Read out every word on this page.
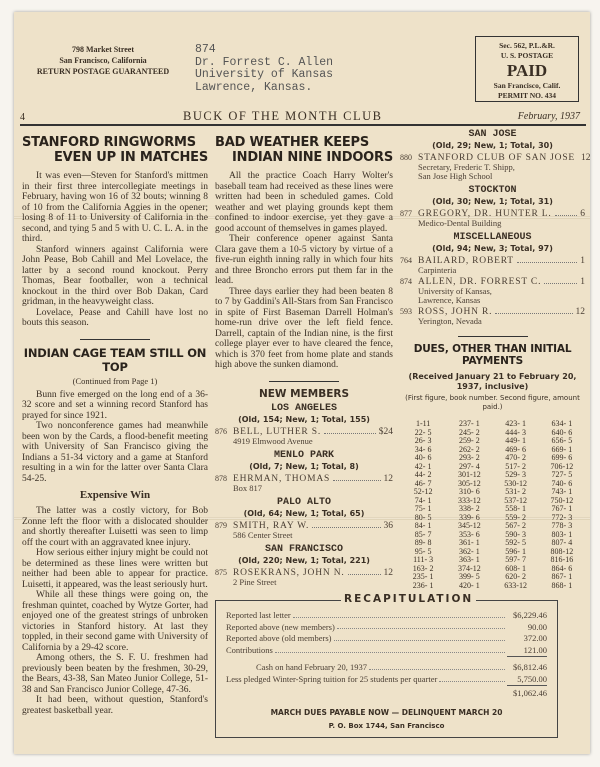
798 Market Street
San Francisco, California
RETURN POSTAGE GUARANTEED
874
Dr. Forrest C. Allen
University of Kansas
Lawrence, Kansas.
Sec. 562, P.L.&R.
U. S. POSTAGE
PAID
San Francisco, Calif.
PERMIT NO. 434
4	BUCK OF THE MONTH CLUB	February, 1937
STANFORD RINGWORMS
EVEN UP IN MATCHES

It was even—Steven for Stanford's mittmen in their first three intercollegiate meetings in February, having won 16 of 32 bouts; winning 8 of 10 from the California Aggies in the opener; losing 8 of 11 to University of California in the second, and tying 5 and 5 with U. C. L. A. in the third.

Stanford winners against California were John Pease, Bob Cahill and Mel Lovelace, the latter by a second round knockout. Perry Thomas, Bear footballer, won a technical knockout in the third over Bob Dakan, Card gridman, in the heavyweight class.

Lovelace, Pease and Cahill have lost no bouts this season.

INDIAN CAGE TEAM STILL ON TOP
(Continued from Page 1)

Bunn five emerged on the long end of a 36-32 score and set a winning record Stanford has prayed for since 1921.

Two nonconference games had meanwhile been won by the Cards, a flood-benefit meeting with University of San Francisco giving the Indians a 51-34 victory and a game at Stanford resulting in a win for the latter over Santa Clara 54-25.

Expensive Win

The latter was a costly victory, for Bob Zonne left the floor with a dislocated shoulder and shortly thereafter Luisetti was seen to limp off the court with an aggravated knee injury.

How serious either injury might be could not be determined as these lines were written but neither had been able to appear for practice. Luisetti, it appeared, was the least seriously hurt.

While all these things were going on, the freshman quintet, coached by Wytze Gorter, had enjoyed one of the greatest strings of unbroken victories in Stanford history. At last they toppled, in their second game with University of California by a 29-42 score.

Among others, the S. F. U. freshmen had previously been beaten by the freshmen, 30-29, the Bears, 43-38, San Mateo Junior College, 51-38 and San Francisco Junior College, 47-36.

It had been, without question, Stanford's greatest basketball year.

BAD WEATHER KEEPS
INDIAN NINE INDOORS

All the practice Coach Harry Wolter's baseball team had received as these lines were written had been in scheduled games. Cold weather and wet playing grounds kept them confined to indoor exercise, yet they gave a good account of themselves in games played.

Their conference opener against Santa Clara gave them a 10-5 victory by virtue of a five-run eighth inning rally in which four hits and three Broncho errors put them far in the lead.

Three days earlier they had been beaten 8 to 7 by Gaddini's All-Stars from San Francisco in spite of First Baseman Darrell Holman's home-run drive over the left field fence. Darrell, captain of the Indian nine, is the first college player ever to have cleared the fence, which is 370 feet from home plate and stands high above the sunken diamond.

NEW MEMBERS
LOS ANGELES
(Old, 154; New, 1; Total, 155)
876 BELL, LUTHER S.	$24
4919 Elmwood Avenue
MENLO PARK
(Old, 7; New, 1; Total, 8)
878 EHRMAN, THOMAS	12
Box 817
PALO ALTO
(Old, 64; New, 1; Total, 65)
879 SMITH, RAY W.	36
586 Center Street
SAN FRANCISCO
(Old, 220; New, 1; Total, 221)
875 ROSEKRANS, JOHN N.	12
2 Pine Street
SAN JOSE
(Old, 29; New, 1; Total, 30)
880 STANFORD CLUB OF SAN JOSE 12
Secretary, Frederic T. Shipp,
San Jose High School
STOCKTON
(Old, 30; New, 1; Total, 31)
877 GREGORY, DR. HUNTER L.	6
Medico-Dental Building
MISCELLANEOUS
(Old, 94; New, 3; Total, 97)
764 BAILARD, ROBERT	1
Carpinteria
874 ALLEN, DR. FORREST C.	1
University of Kansas,
Lawrence, Kansas
593 ROSS, JOHN R.	12
Yerington, Nevada
DUES, OTHER THAN INITIAL PAYMENTS
(Received January 21 to February 20, 1937, inclusive)
(First figure, book number. Second figure, amount paid.)
1-11	237- 1	423- 1	634- 1
22- 5	245- 2	444- 3	640- 6
26- 3	259- 2	449- 1	656- 5
34- 6	262- 2	469- 6	669- 1
40- 6	293- 2	470- 2	699- 6
42- 1	297- 4	517- 2	706-12
44- 2	301-12	529- 3	727- 5
46- 7	305-12	530-12	740- 6
52-12	310- 6	531- 2	743- 1
74- 1	333-12	537-12	750-12
75- 1	338- 2	558- 1	767- 1
80- 5	339- 6	559- 2	772- 3
84- 1	345-12	567- 2	778- 3
85- 7	353- 6	590- 3	803- 1
89- 8	361- 1	592- 5	807- 4
95- 5	362- 1	596- 1	808-12
111- 3	363- 1	597- 7	816-16
163- 2	374-12	608- 1	864- 6
235- 1	399- 5	620- 2	867- 1
236- 1	420- 1	633-12	868- 1
RECAPITULATION
Reported last letter	$6,229.46
Reported above (new members)	90.00
Reported above (old members)	372.00
Contributions	121.00
Cash on hand February 20, 1937	$6,812.46
Less pledged Winter-Spring tuition for 25 students per quarter	5,750.00
$1,062.46
MARCH DUES PAYABLE NOW — DELINQUENT MARCH 20
P. O. Box 1744, San Francisco
